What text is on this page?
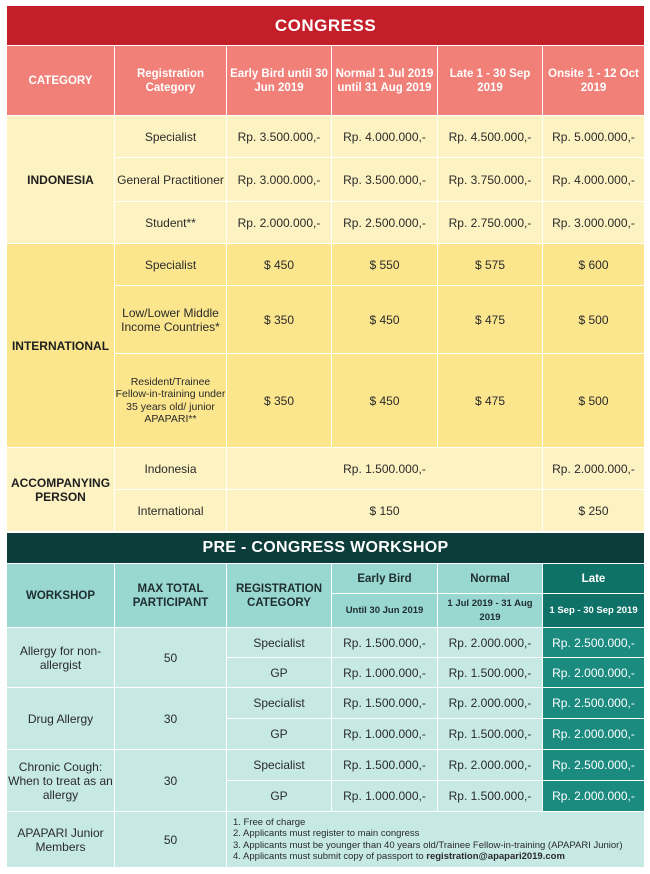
CONGRESS					
CATEGORY	Registration Category	Early Bird until 30 Jun 2019	Normal 1 Jul 2019 until 31 Aug 2019	Late 1 - 30 Sep 2019	Onsite 1 - 12 Oct 2019
INDONESIA	Specialist	Rp. 3.500.000,-	Rp. 4.000.000,-	Rp. 4.500.000,-	Rp. 5.000.000,-
	General Practitioner	Rp. 3.000.000,-	Rp. 3.500.000,-	Rp. 3.750.000,-	Rp. 4.000.000,-
	Student**	Rp. 2.000.000,-	Rp. 2.500.000,-	Rp. 2.750.000,-	Rp. 3.000.000,-
INTERNATIONAL	Specialist	$ 450	$ 550	$ 575	$ 600
	Low/Lower Middle Income Countries*	$ 350	$ 450	$ 475	$ 500
	Resident/Trainee Fellow-in-training under 35 years old/ junior APAPARI**	$ 350	$ 450	$ 475	$ 500
ACCOMPANYING PERSON	Indonesia	Rp. 1.500.000,-			Rp. 2.000.000,-
	International	$ 150			$ 250
PRE - CONGRESS WORKSHOP					
WORKSHOP	MAX TOTAL PARTICIPANT	REGISTRATION CATEGORY	Early Bird	Normal	Late
			Until 30 Jun 2019	1 Jul 2019 - 31 Aug 2019	1 Sep - 30 Sep 2019
Allergy for non-allergist	50	Specialist	Rp. 1.500.000,-	Rp. 2.000.000,-	Rp. 2.500.000,-
		GP	Rp. 1.000.000,-	Rp. 1.500.000,-	Rp. 2.000.000,-
Drug Allergy	30	Specialist	Rp. 1.500.000,-	Rp. 2.000.000,-	Rp. 2.500.000,-
		GP	Rp. 1.000.000,-	Rp. 1.500.000,-	Rp. 2.000.000,-
Chronic Cough: When to treat as an allergy	30	Specialist	Rp. 1.500.000,-	Rp. 2.000.000,-	Rp. 2.500.000,-
		GP	Rp. 1.000.000,-	Rp. 1.500.000,-	Rp. 2.000.000,-
APAPARI Junior Members	50	1. Free of charge
2. Applicants must register to main congress
3. Applicants must be younger than 40 years old/Trainee Fellow-in-training (APAPARI Junior)
4. Applicants must submit copy of passport to registration@apapari2019.com			
